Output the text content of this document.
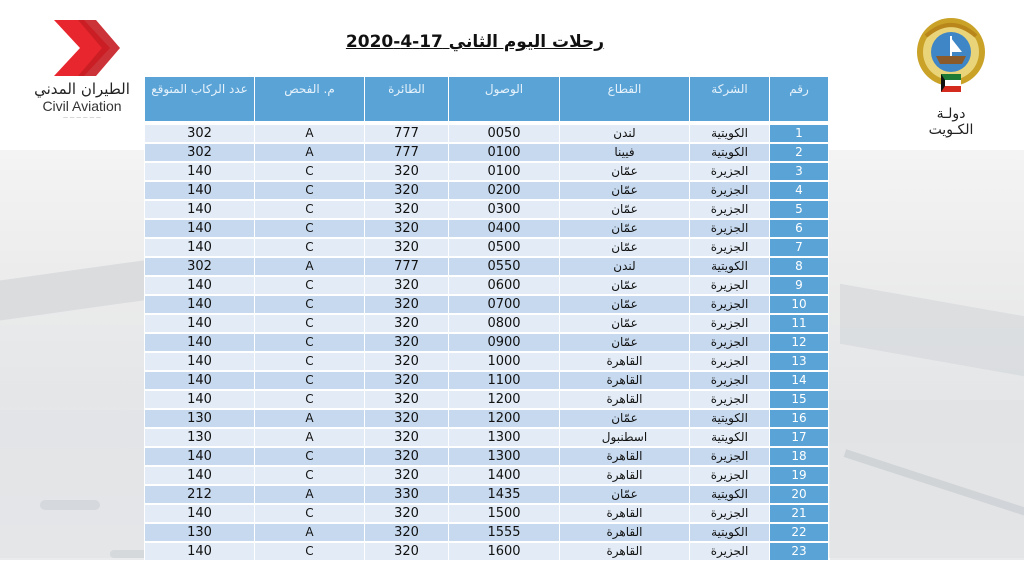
الطيران المدني
Civil Aviation
— — — — — —	دولـة الكـويت
رحلات اليوم الثاني 17-4-2020
عدد الركاب المتوقع	م. الفحص	الطائرة	الوصول	القطاع	الشركة	رقم

302	A	777	0050	لندن	الكويتية	1
302	A	777	0100	فيينا	الكويتية	2
140	C	320	0100	عمّان	الجزيرة	3
140	C	320	0200	عمّان	الجزيرة	4
140	C	320	0300	عمّان	الجزيرة	5
140	C	320	0400	عمّان	الجزيرة	6
140	C	320	0500	عمّان	الجزيرة	7
302	A	777	0550	لندن	الكويتية	8
140	C	320	0600	عمّان	الجزيرة	9
140	C	320	0700	عمّان	الجزيرة	10
140	C	320	0800	عمّان	الجزيرة	11
140	C	320	0900	عمّان	الجزيرة	12
140	C	320	1000	القاهرة	الجزيرة	13
140	C	320	1100	القاهرة	الجزيرة	14
140	C	320	1200	القاهرة	الجزيرة	15
130	A	320	1200	عمّان	الكويتية	16
130	A	320	1300	اسطنبول	الكويتية	17
140	C	320	1300	القاهرة	الجزيرة	18
140	C	320	1400	القاهرة	الجزيرة	19
212	A	330	1435	عمّان	الكويتية	20
140	C	320	1500	القاهرة	الجزيرة	21
130	A	320	1555	القاهرة	الكويتية	22
140	C	320	1600	القاهرة	الجزيرة	23
